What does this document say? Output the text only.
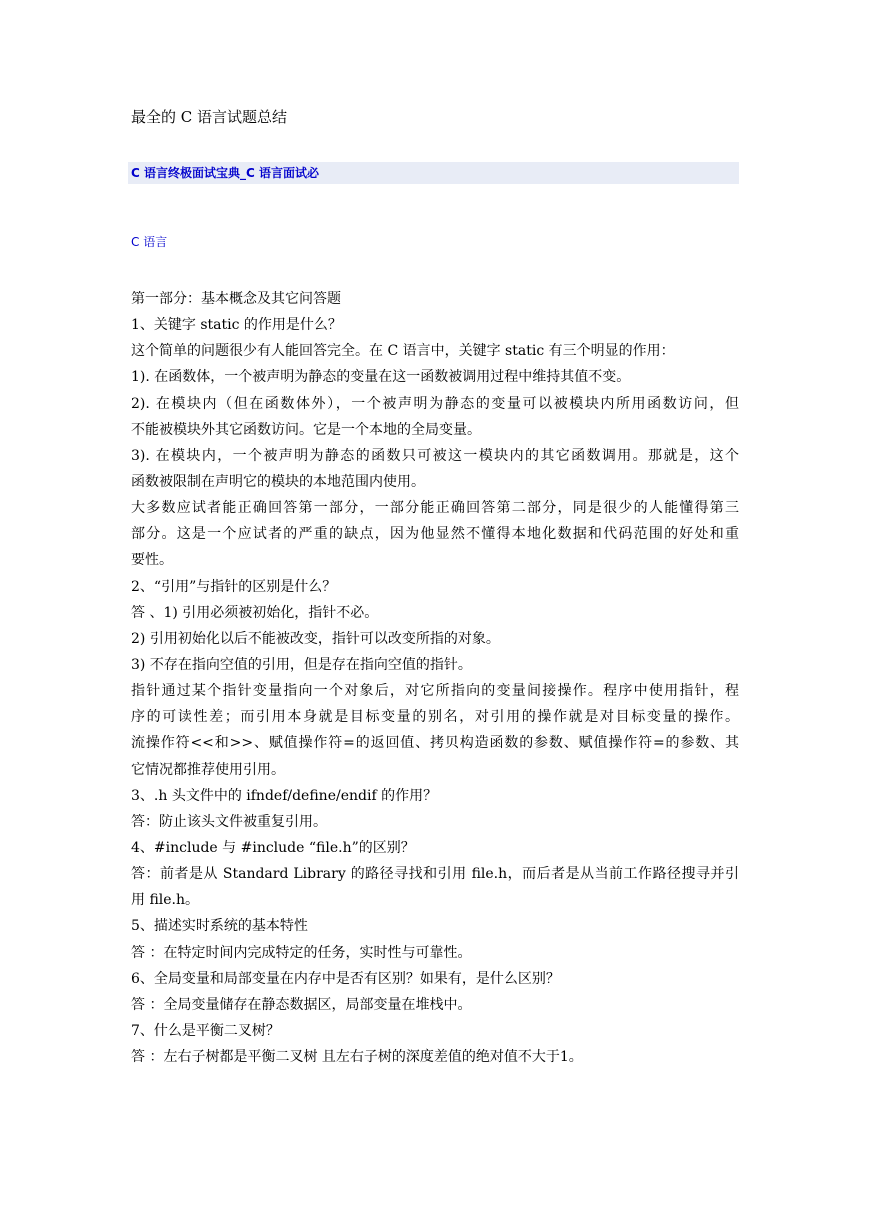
最全的 C 语言试题总结
C 语言终极面试宝典_C 语言面试必
C 语言
第一部分：基本概念及其它问答题
1、关键字 static 的作用是什么？
这个简单的问题很少有人能回答完全。在 C 语言中，关键字 static 有三个明显的作用：
1). 在函数体，一个被声明为静态的变量在这一函数被调用过程中维持其值不变。
2). 在模块内（但在函数体外），一个被声明为静态的变量可以被模块内所用函数访问，但
不能被模块外其它函数访问。它是一个本地的全局变量。
3). 在模块内，一个被声明为静态的函数只可被这一模块内的其它函数调用。那就是，这个
函数被限制在声明它的模块的本地范围内使用。
大多数应试者能正确回答第一部分，一部分能正确回答第二部分，同是很少的人能懂得第三
部分。这是一个应试者的严重的缺点，因为他显然不懂得本地化数据和代码范围的好处和重
要性。
2、“引用”与指针的区别是什么？
答 、1) 引用必须被初始化，指针不必。
2) 引用初始化以后不能被改变，指针可以改变所指的对象。
3) 不存在指向空值的引用，但是存在指向空值的指针。
指针通过某个指针变量指向一个对象后，对它所指向的变量间接操作。程序中使用指针，程
序的可读性差；而引用本身就是目标变量的别名，对引用的操作就是对目标变量的操作。
流操作符<<和>>、赋值操作符=的返回值、拷贝构造函数的参数、赋值操作符=的参数、其
它情况都推荐使用引用。
3、.h 头文件中的 ifndef/define/endif 的作用？
答：防止该头文件被重复引用。
4、#include 与 #include “file.h”的区别？
答：前者是从 Standard Library 的路径寻找和引用 file.h，而后者是从当前工作路径搜寻并引
用 file.h。
5、描述实时系统的基本特性
答 ：在特定时间内完成特定的任务，实时性与可靠性。
6、全局变量和局部变量在内存中是否有区别？如果有，是什么区别？
答 ：全局变量储存在静态数据区，局部变量在堆栈中。
7、什么是平衡二叉树？
答 ：左右子树都是平衡二叉树 且左右子树的深度差值的绝对值不大于1。
